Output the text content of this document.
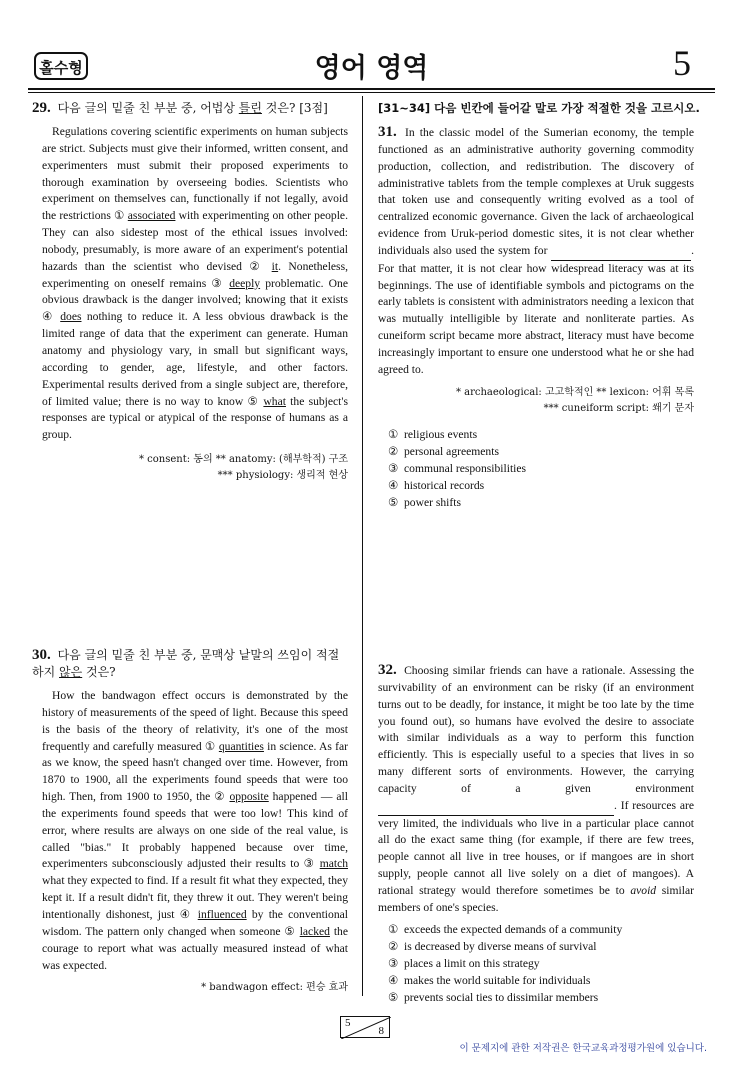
홀수형	영어 영역	5
29. 다음 글의 밑줄 친 부분 중, 어법상 틀린 것은? [3점]
Regulations covering scientific experiments on human subjects are strict. Subjects must give their informed, written consent, and experimenters must submit their proposed experiments to thorough examination by overseeing bodies. Scientists who experiment on themselves can, functionally if not legally, avoid the restrictions ① associated with experimenting on other people. They can also sidestep most of the ethical issues involved: nobody, presumably, is more aware of an experiment's potential hazards than the scientist who devised ② it. Nonetheless, experimenting on oneself remains ③ deeply problematic. One obvious drawback is the danger involved; knowing that it exists ④ does nothing to reduce it. A less obvious drawback is the limited range of data that the experiment can generate. Human anatomy and physiology vary, in small but significant ways, according to gender, age, lifestyle, and other factors. Experimental results derived from a single subject are, therefore, of limited value; there is no way to know ⑤ what the subject's responses are typical or atypical of the response of humans as a group.
* consent: 동의 ** anatomy: (해부학적) 구조
*** physiology: 생리적 현상
30. 다음 글의 밑줄 친 부분 중, 문맥상 낱말의 쓰임이 적절하지 않은 것은?
How the bandwagon effect occurs is demonstrated by the history of measurements of the speed of light. Because this speed is the basis of the theory of relativity, it's one of the most frequently and carefully measured ① quantities in science. As far as we know, the speed hasn't changed over time. However, from 1870 to 1900, all the experiments found speeds that were too high. Then, from 1900 to 1950, the ② opposite happened — all the experiments found speeds that were too low! This kind of error, where results are always on one side of the real value, is called "bias." It probably happened because over time, experimenters subconsciously adjusted their results to ③ match what they expected to find. If a result fit what they expected, they kept it. If a result didn't fit, they threw it out. They weren't being intentionally dishonest, just ④ influenced by the conventional wisdom. The pattern only changed when someone ⑤ lacked the courage to report what was actually measured instead of what was expected.
* bandwagon effect: 편승 효과
[31~34] 다음 빈칸에 들어갈 말로 가장 적절한 것을 고르시오.
31. In the classic model of the Sumerian economy, the temple functioned as an administrative authority governing commodity production, collection, and redistribution. The discovery of administrative tablets from the temple complexes at Uruk suggests that token use and consequently writing evolved as a tool of centralized economic governance. Given the lack of archaeological evidence from Uruk-period domestic sites, it is not clear whether individuals also used the system for	. For that matter, it is not clear how widespread literacy was at its beginnings. The use of identifiable symbols and pictograms on the early tablets is consistent with administrators needing a lexicon that was mutually intelligible by literate and nonliterate parties. As cuneiform script became more abstract, literacy must have become increasingly important to ensure one understood what he or she had agreed to.
* archaeological: 고고학적인 ** lexicon: 어휘 목록
*** cuneiform script: 쐐기 문자
① religious events
② personal agreements
③ communal responsibilities
④ historical records
⑤ power shifts
32. Choosing similar friends can have a rationale. Assessing the survivability of an environment can be risky (if an environment turns out to be deadly, for instance, it might be too late by the time you found out), so humans have evolved the desire to associate with similar individuals as a way to perform this function efficiently. This is especially useful to a species that lives in so many different sorts of environments. However, the carrying capacity of a given environment  . If resources are very limited, the individuals who live in a particular place cannot all do the exact same thing (for example, if there are few trees, people cannot all live in tree houses, or if mangoes are in short supply, people cannot all live solely on a diet of mangoes). A rational strategy would therefore sometimes be to avoid similar members of one's species.
① exceeds the expected demands of a community
② is decreased by diverse means of survival
③ places a limit on this strategy
④ makes the world suitable for individuals
⑤ prevents social ties to dissimilar members
5
8
이 문제지에 관한 저작권은 한국교육과정평가원에 있습니다.
